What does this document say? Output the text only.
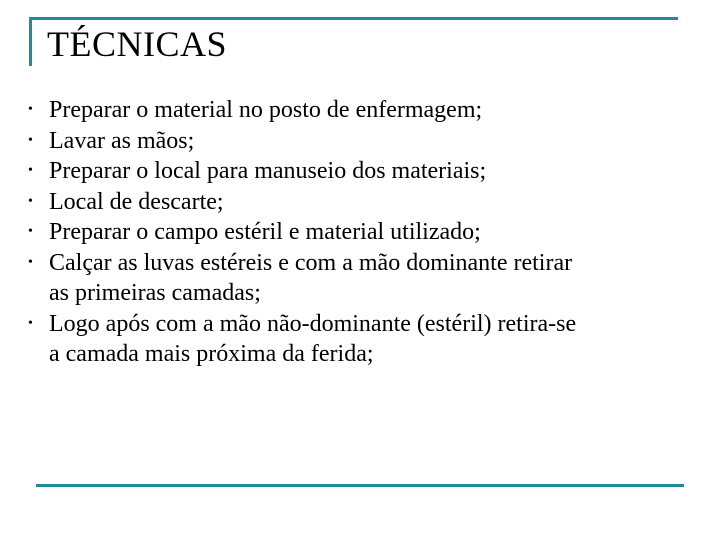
TÉCNICAS
• Preparar o material no posto de enfermagem;
• Lavar as mãos;
• Preparar o local para manuseio dos materiais;
• Local de descarte;
• Preparar o campo estéril e material utilizado;
• Calçar as luvas estéreis e com a mão dominante retirar
as primeiras camadas;
• Logo após com a mão não-dominante (estéril) retira-se
a camada mais próxima da ferida;
